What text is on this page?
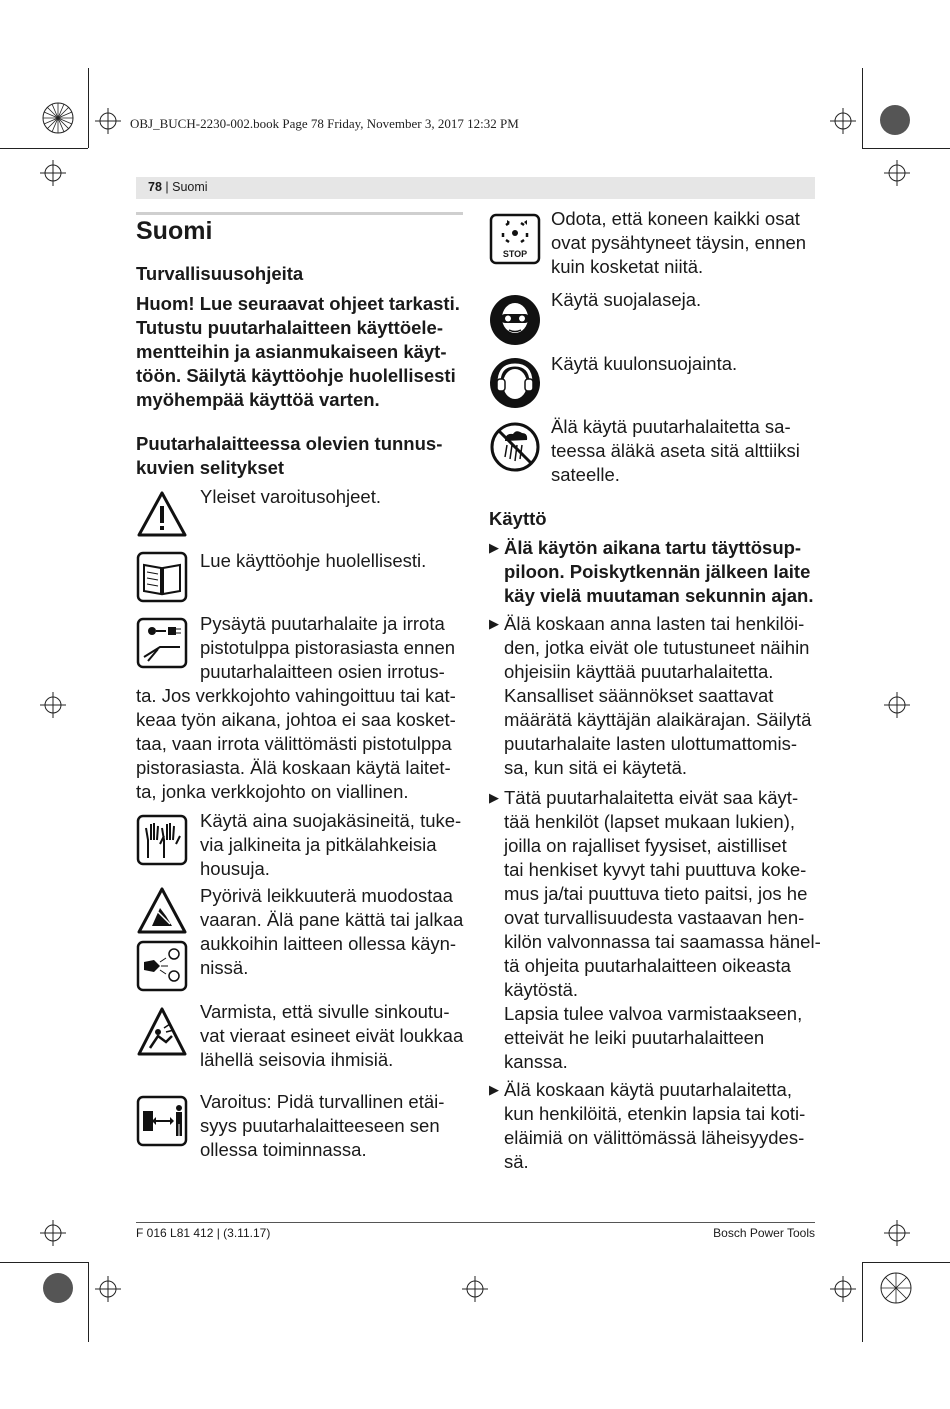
OBJ_BUCH-2230-002.book Page 78 Friday, November 3, 2017 12:32 PM
78 | Suomi
Suomi
Turvallisuusohjeita
Huom! Lue seuraavat ohjeet tarkasti.
Tutustu puutarhalaitteen käyttöele-
mentteihin ja asianmukaiseen käyt-
töön. Säilytä käyttöohje huolellisesti
myöhempää käyttöä varten.
Puutarhalaitteessa olevien tunnus-
kuvien selitykset
Yleiset varoitusohjeet.
Lue käyttöohje huolellisesti.
Pysäytä puutarhalaite ja irrota
pistotulppa pistorasiasta ennen
puutarhalaitteen osien irrotus-
ta. Jos verkkojohto vahingoittuu tai kat-
keaa työn aikana, johtoa ei saa kosket-
taa, vaan irrota välittömästi pistotulppa
pistorasiasta. Älä koskaan käytä laitet-
ta, jonka verkkojohto on viallinen.
Käytä aina suojakäsineitä, tuke-
via jalkineita ja pitkälahkeisia
housuja.
Pyörivä leikkuuterä muodostaa
vaaran. Älä pane kättä tai jalkaa
aukkoihin laitteen ollessa käyn-
nissä.
Varmista, että sivulle sinkoutu-
vat vieraat esineet eivät loukkaa
lähellä seisovia ihmisiä.
Varoitus: Pidä turvallinen etäi-
syys puutarhalaitteeseen sen
ollessa toiminnassa.
STOP
Odota, että koneen kaikki osat
ovat pysähtyneet täysin, ennen
kuin kosketat niitä.
Käytä suojalaseja.
Käytä kuulonsuojainta.
Älä käytä puutarhalaitetta sa-
teessa äläkä aseta sitä alttiiksi
sateelle.
Käyttö
▶ Älä käytön aikana tartu täyttösup-
piloon. Poiskytkennän jälkeen laite
käy vielä muutaman sekunnin ajan.
▶ Älä koskaan anna lasten tai henkilöi-
den, jotka eivät ole tutustuneet näihin
ohjeisiin käyttää puutarhalaitetta.
Kansalliset säännökset saattavat
määrätä käyttäjän alaikärajan. Säilytä
puutarhalaite lasten ulottumattomis-
sa, kun sitä ei käytetä.
▶ Tätä puutarhalaitetta eivät saa käyt-
tää henkilöt (lapset mukaan lukien),
joilla on rajalliset fyysiset, aistilliset
tai henkiset kyvyt tahi puuttuva koke-
mus ja/tai puuttuva tieto paitsi, jos he
ovat turvallisuudesta vastaavan hen-
kilön valvonnassa tai saamassa hänel-
tä ohjeita puutarhalaitteen oikeasta
käytöstä.
Lapsia tulee valvoa varmistaakseen,
etteivät he leiki puutarhalaitteen
kanssa.
▶ Älä koskaan käytä puutarhalaitetta,
kun henkilöitä, etenkin lapsia tai koti-
eläimiä on välittömässä läheisyydes-
sä.
F 016 L81 412 | (3.11.17)	Bosch Power Tools
